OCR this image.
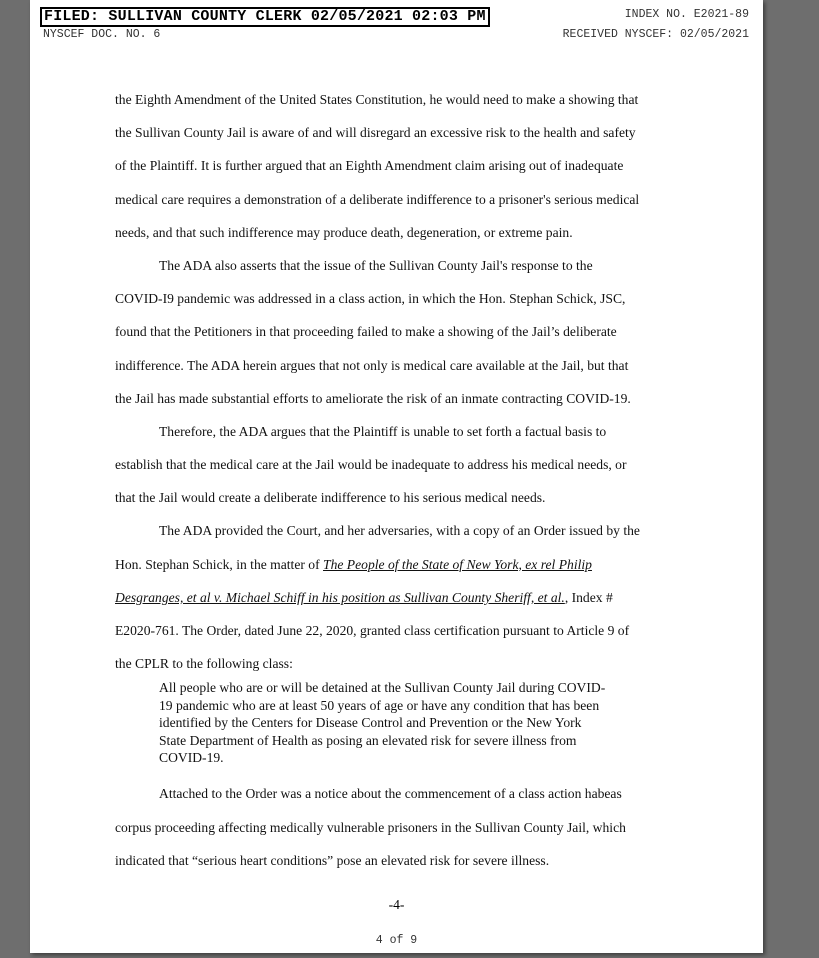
FILED: SULLIVAN COUNTY CLERK 02/05/2021 02:03 PM	INDEX NO. E2021-89
NYSCEF DOC. NO. 6	RECEIVED NYSCEF: 02/05/2021
the Eighth Amendment of the United States Constitution, he would need to make a showing that
the Sullivan County Jail is aware of and will disregard an excessive risk to the health and safety
of the Plaintiff. It is further argued that an Eighth Amendment claim arising out of inadequate
medical care requires a demonstration of a deliberate indifference to a prisoner's serious medical
needs, and that such indifference may produce death, degeneration, or extreme pain.
The ADA also asserts that the issue of the Sullivan County Jail's response to the
COVID-I9 pandemic was addressed in a class action, in which the Hon. Stephan Schick, JSC,
found that the Petitioners in that proceeding failed to make a showing of the Jail’s deliberate
indifference. The ADA herein argues that not only is medical care available at the Jail, but that
the Jail has made substantial efforts to ameliorate the risk of an inmate contracting COVID-19.
Therefore, the ADA argues that the Plaintiff is unable to set forth a factual basis to
establish that the medical care at the Jail would be inadequate to address his medical needs, or
that the Jail would create a deliberate indifference to his serious medical needs.
The ADA provided the Court, and her adversaries, with a copy of an Order issued by the
Hon. Stephan Schick, in the matter of The People of the State of New York, ex rel Philip
Desgranges, et al v. Michael Schiff in his position as Sullivan County Sheriff, et al., Index #
E2020-761. The Order, dated June 22, 2020, granted class certification pursuant to Article 9 of
the CPLR to the following class:
All people who are or will be detained at the Sullivan County Jail during COVID-
19 pandemic who are at least 50 years of age or have any condition that has been
identified by the Centers for Disease Control and Prevention or the New York
State Department of Health as posing an elevated risk for severe illness from
COVID-19.
Attached to the Order was a notice about the commencement of a class action habeas
corpus proceeding affecting medically vulnerable prisoners in the Sullivan County Jail, which
indicated that “serious heart conditions” pose an elevated risk for severe illness.
-4-
4 of 9
